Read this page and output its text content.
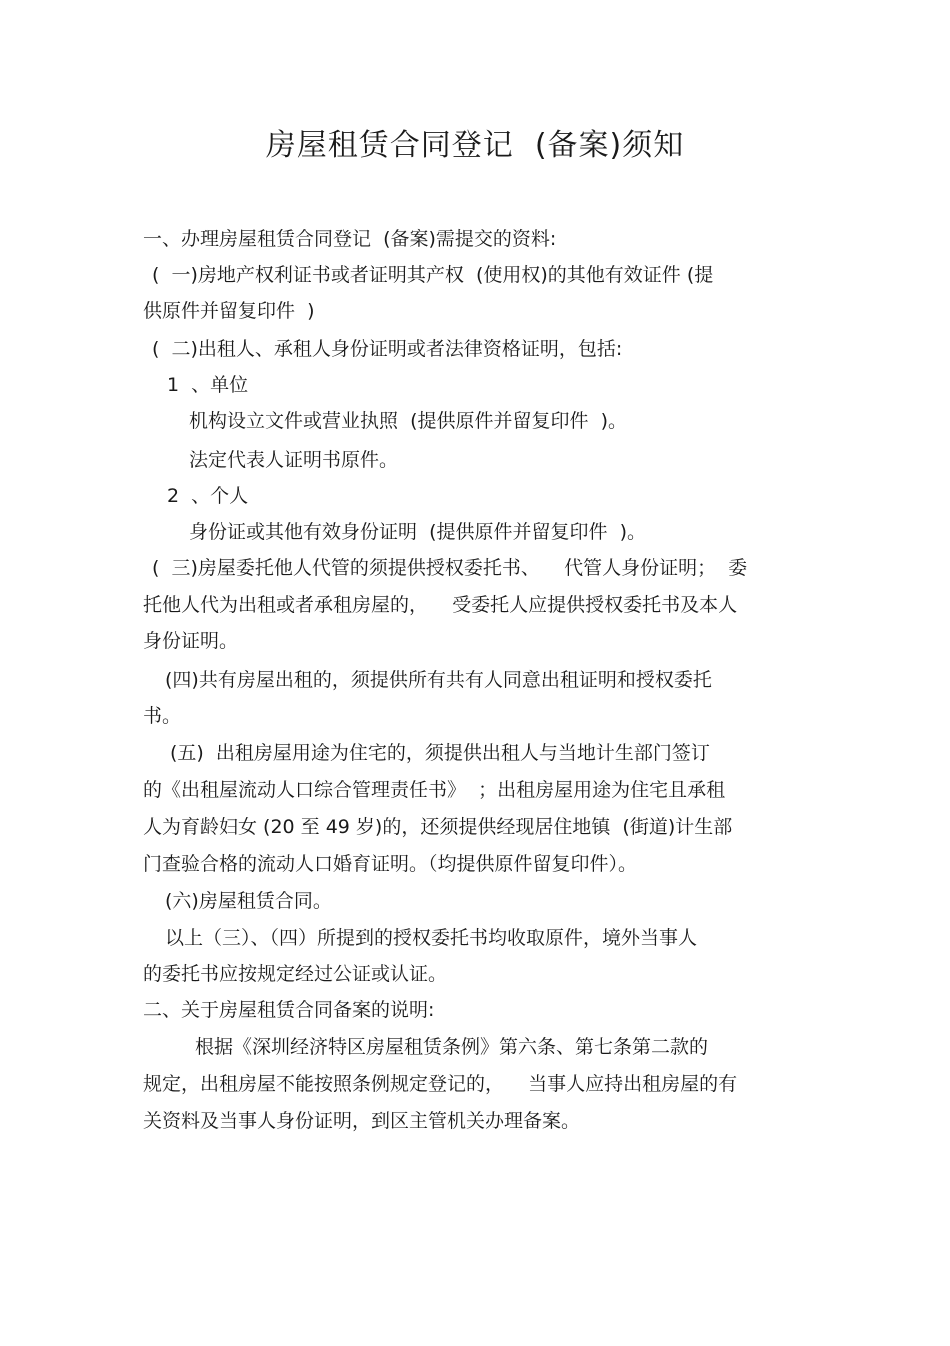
房屋租赁合同登记  (备案)须知
一、办理房屋租赁合同登记  (备案)需提交的资料:
(  一)房地产权利证书或者证明其产权  (使用权)的其他有效证件 (提
供原件并留复印件  )
(  二)出租人、承租人身份证明或者法律资格证明，包括:
1  、单位
机构设立文件或营业执照  (提供原件并留复印件  )。
法定代表人证明书原件。
2  、个人
身份证或其他有效身份证明  (提供原件并留复印件  )。
(  三)房屋委托他人代管的须提供授权委托书、    代管人身份证明；  委
托他人代为出租或者承租房屋的，    受委托人应提供授权委托书及本人
身份证明。
(四)共有房屋出租的，须提供所有共有人同意出租证明和授权委托
书。
(五)  出租房屋用途为住宅的，须提供出租人与当地计生部门签订
的《出租屋流动人口综合管理责任书》  ；出租房屋用途为住宅且承租
人为育龄妇女 (20 至 49 岁)的，还须提供经现居住地镇  (街道)计生部
门查验合格的流动人口婚育证明。（均提供原件留复印件）。
(六)房屋租赁合同。
以上（三）、（四）所提到的授权委托书均收取原件，境外当事人
的委托书应按规定经过公证或认证。
二、关于房屋租赁合同备案的说明:
根据《深圳经济特区房屋租赁条例》第六条、第七条第二款的
规定，出租房屋不能按照条例规定登记的，    当事人应持出租房屋的有
关资料及当事人身份证明，到区主管机关办理备案。
